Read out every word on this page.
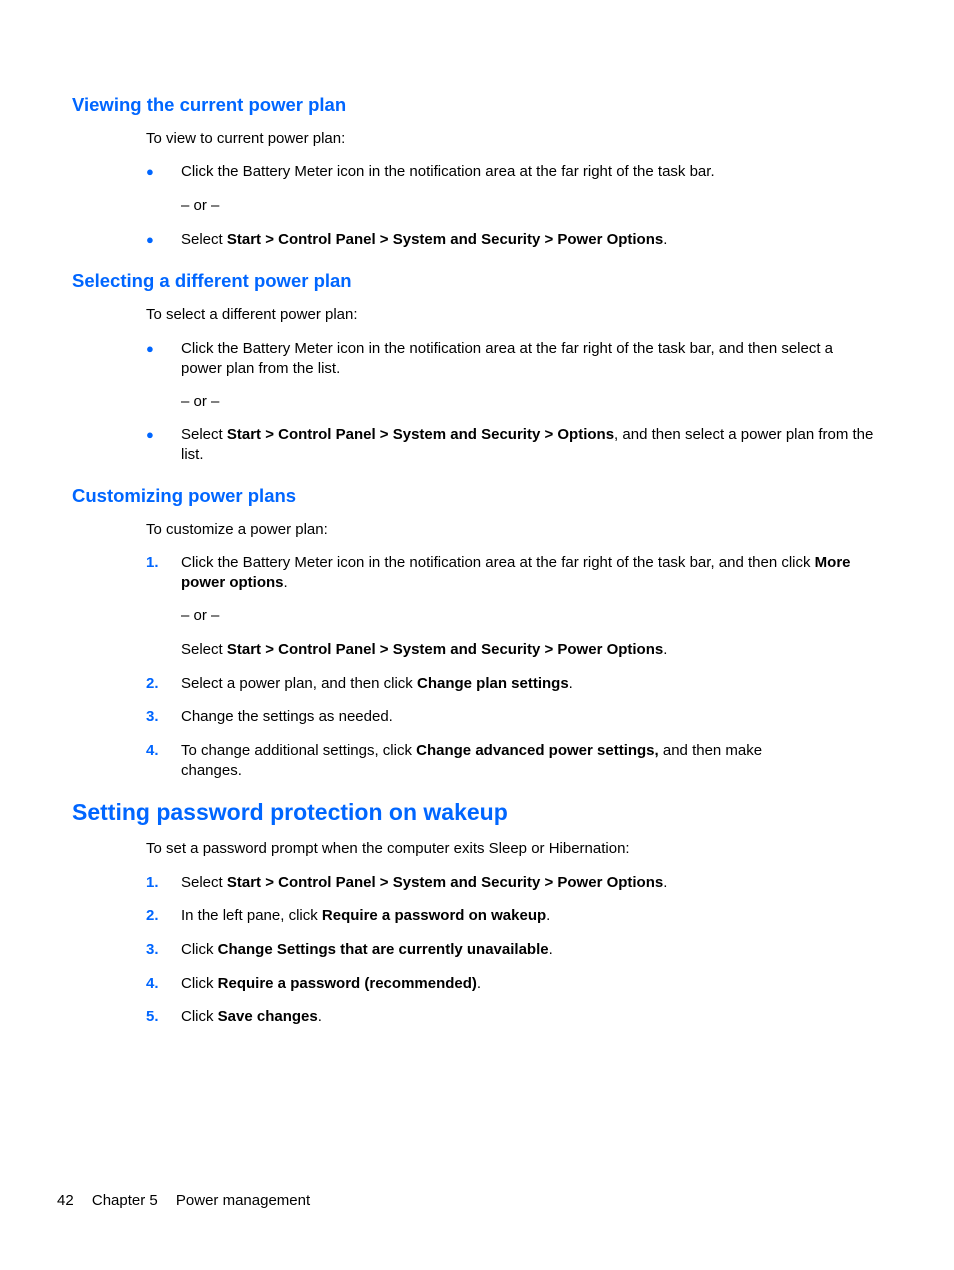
Viewing the current power plan

To view to current power plan:

●	Click the Battery Meter icon in the notification area at the far right of the task bar.
– or –
●	Select Start > Control Panel > System and Security > Power Options.
Selecting a different power plan

To select a different power plan:

●	Click the Battery Meter icon in the notification area at the far right of the task bar, and then select a power plan from the list.
– or –
●	Select Start > Control Panel > System and Security > Options, and then select a power plan from the list.
Customizing power plans

To customize a power plan:

1.	Click the Battery Meter icon in the notification area at the far right of the task bar, and then click More power options.
– or –
Select Start > Control Panel > System and Security > Power Options.
2.	Select a power plan, and then click Change plan settings.
3.	Change the settings as needed.
4.	To change additional settings, click Change advanced power settings, and then make changes.
Setting password protection on wakeup

To set a password prompt when the computer exits Sleep or Hibernation:

1.	Select Start > Control Panel > System and Security > Power Options.
2.	In the left pane, click Require a password on wakeup.
3.	Click Change Settings that are currently unavailable.
4.	Click Require a password (recommended).
5.	Click Save changes.
42 Chapter 5 Power management
